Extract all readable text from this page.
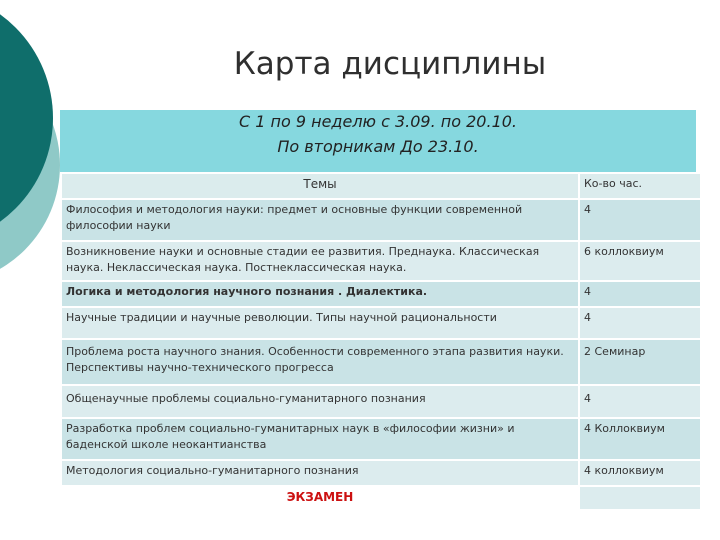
Карта дисциплины
С 1 по 9 неделю с 3.09. по 20.10.
По вторникам До 23.10.
Темы	Ко-во час.
Философия и методология науки: предмет и основные функции современной философии науки	4
Возникновение науки и основные стадии ее развития. Преднаука. Классическая наука. Неклассическая наука. Постнеклассическая наука.	6 коллоквиум
Логика и методология научного познания . Диалектика.	4
Научные традиции и научные революции. Типы научной рациональности	4
Проблема роста научного знания. Особенности современного этапа развития науки. Перспективы научно-технического прогресса	2 Семинар
Общенаучные проблемы социально-гуманитарного познания	4
Разработка проблем социально-гуманитарных наук в «философии жизни» и баденской школе неокантианства	4 Коллоквиум
Методология социально-гуманитарного познания	4 коллоквиум
ЭКЗАМЕН	
